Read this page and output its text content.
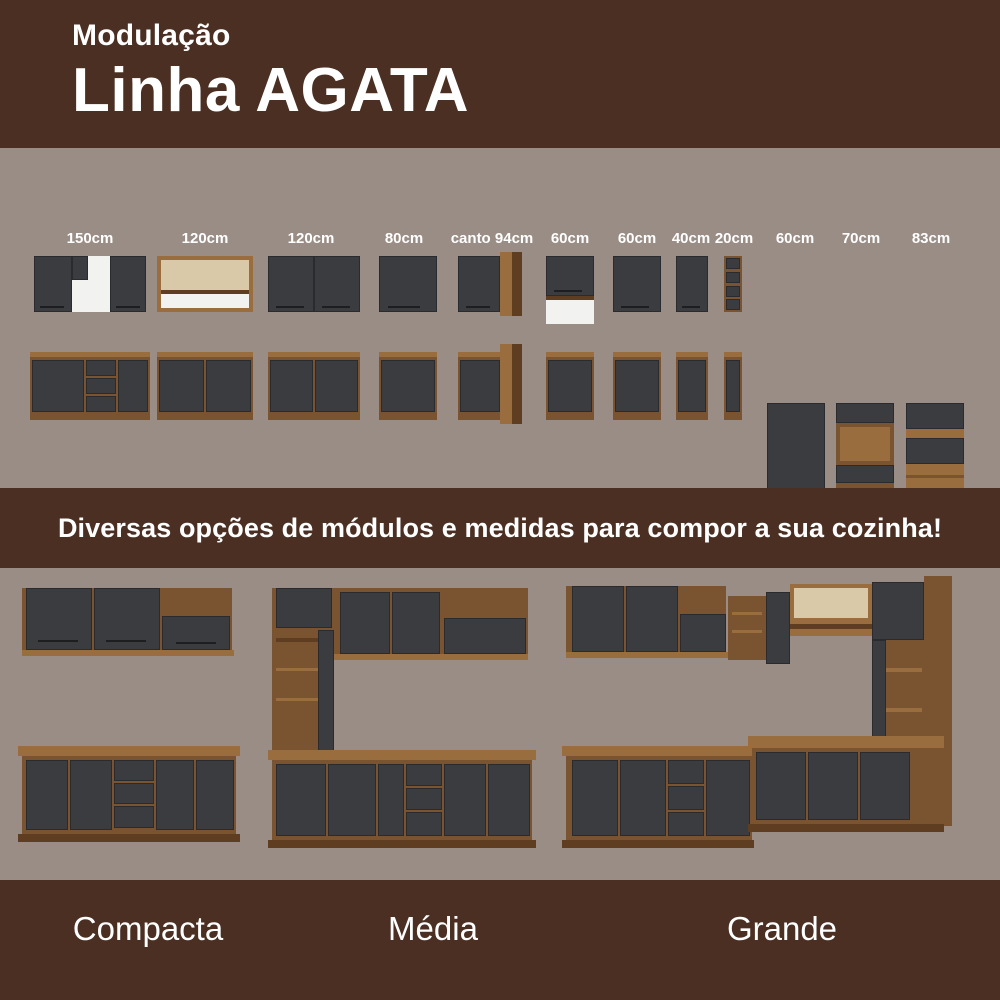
Modulação
Linha AGATA
150cm	120cm	120cm	80cm	canto 94cm	60cm	60cm	40cm 20cm	60cm	70cm	83cm
Diversas opções de módulos e medidas para compor a sua cozinha!
Compacta	Média	Grande
